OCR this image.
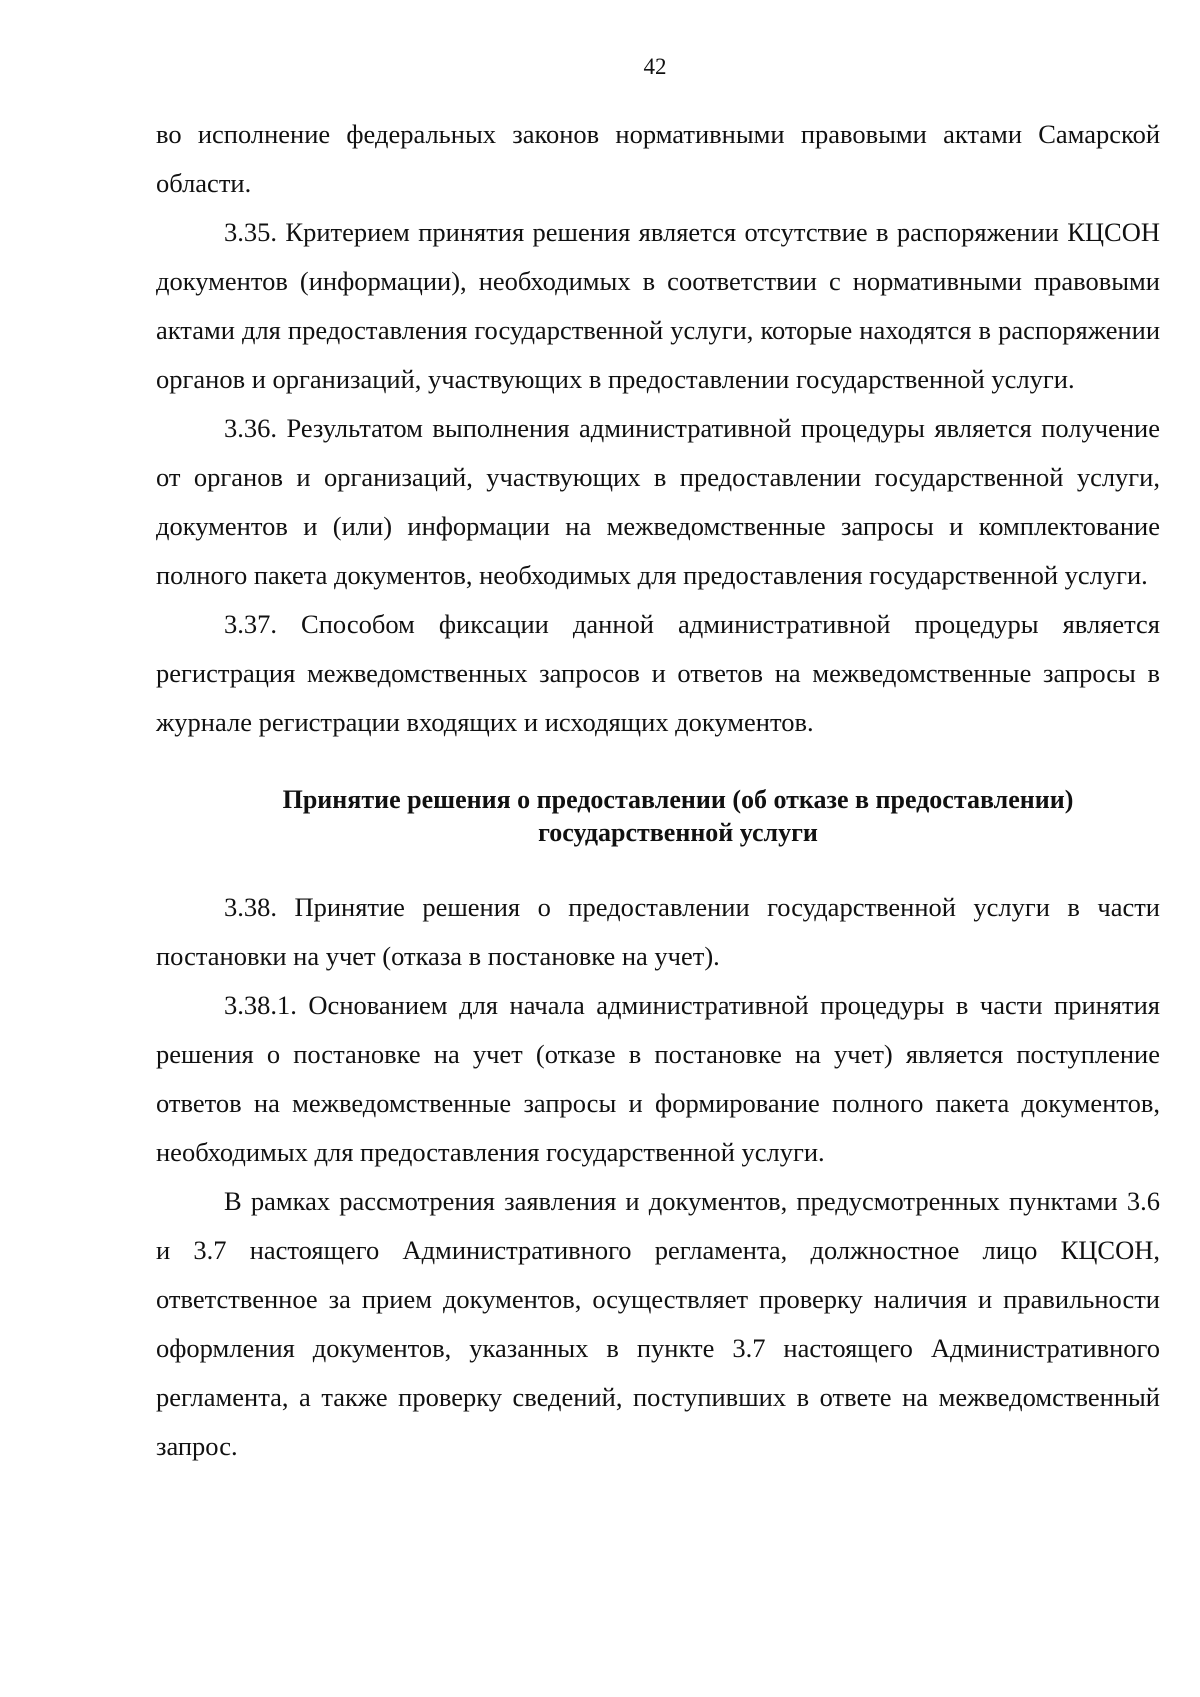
42

во исполнение федеральных законов нормативными правовыми актами Самарской области.

3.35. Критерием принятия решения является отсутствие в распоряжении КЦСОН документов (информации), необходимых в соответствии с нормативными правовыми актами для предоставления государственной услуги, которые находятся в распоряжении органов и организаций, участвующих в предоставлении государственной услуги.

3.36. Результатом выполнения административной процедуры является получение от органов и организаций, участвующих в предоставлении государственной услуги, документов и (или) информации на межведомственные запросы и комплектование полного пакета документов, необходимых для предоставления государственной услуги.

3.37. Способом фиксации данной административной процедуры является регистрация межведомственных запросов и ответов на межведомственные запросы в журнале регистрации входящих и исходящих документов.

Принятие решения о предоставлении (об отказе в предоставлении)
государственной услуги

3.38. Принятие решения о предоставлении государственной услуги в части постановки на учет (отказа в постановке на учет).

3.38.1. Основанием для начала административной процедуры в части принятия решения о постановке на учет (отказе в постановке на учет) является поступление ответов на межведомственные запросы и формирование полного пакета документов, необходимых для предоставления государственной услуги.

В рамках рассмотрения заявления и документов, предусмотренных пунктами 3.6 и 3.7 настоящего Административного регламента, должностное лицо КЦСОН, ответственное за прием документов, осуществляет проверку наличия и правильности оформления документов, указанных в пункте 3.7 настоящего Административного регламента, а также проверку сведений, поступивших в ответе на межведомственный запрос.
